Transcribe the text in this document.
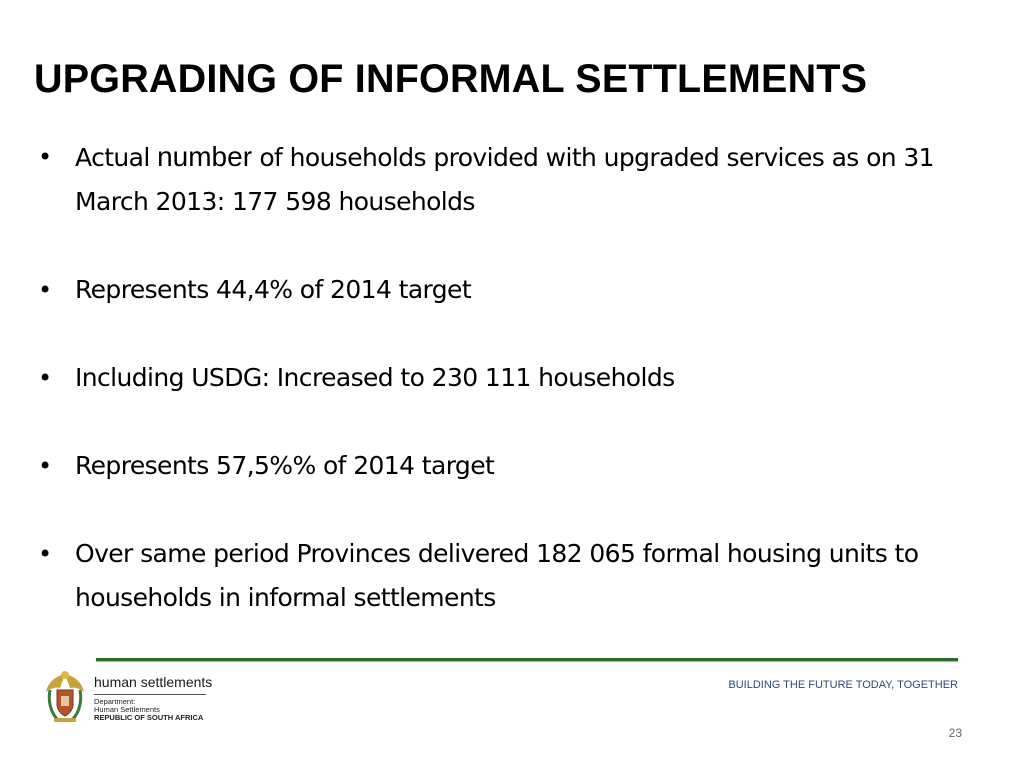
UPGRADING OF INFORMAL SETTLEMENTS
• Actual number of households provided with upgraded services as on 31 March 2013: 177 598 households
• Represents 44,4% of 2014 target
• Including USDG: Increased to 230 111 households
• Represents 57,5%% of 2014 target
• Over same period Provinces delivered 182 065 formal housing units to households in informal settlements
human settlements
Department:
Human Settlements
REPUBLIC OF SOUTH AFRICA
BUILDING THE FUTURE TODAY, TOGETHER
23
